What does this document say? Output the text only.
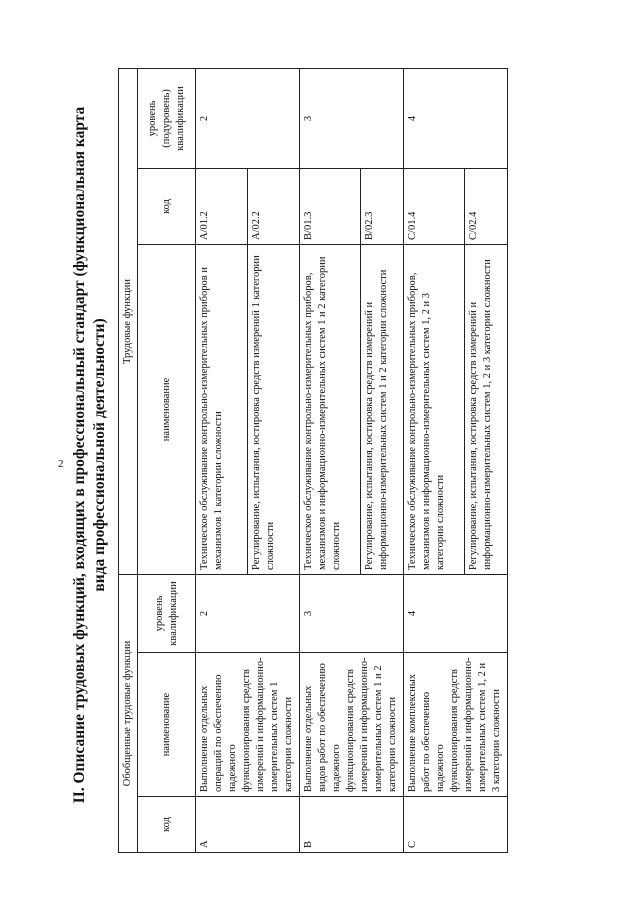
2 II. Описание трудовых функций, входящих в профессиональный стандарт (функциональная карта вида профессиональной деятельности)
Обобщенные трудовые функции			Трудовые функции		
код	наименование	уровень квалификации	наименование	код	уровень (подуровень) квалификации
A	Выполнение отдельных операций по обеспечению надежного функционирования средств измерений и информационно-измерительных систем 1 категории сложности	2	Техническое обслуживание контрольно-измерительных приборов и механизмов 1 категории сложности	A/01.2	2
			Регулирование, испытания, юстировка средств измерений 1 категории сложности	A/02.2	
B	Выполнение отдельных видов работ по обеспечению надежного функционирования средств измерений и информационно-измерительных систем 1 и 2 категории сложности	3	Техническое обслуживание контрольно-измерительных приборов, механизмов и информационно-измерительных систем 1 и 2 категории сложности	B/01.3	3
			Регулирование, испытания, юстировка средств измерений и информационно-измерительных систем 1 и 2 категории сложности	B/02.3	
C	Выполнение комплексных работ по обеспечению надежного функционирования средств измерений и информационно-измерительных систем 1, 2 и 3 категории сложности	4	Техническое обслуживание контрольно-измерительных приборов, механизмов и информационно-измерительных систем 1, 2 и 3 категории сложности	C/01.4	4
			Регулирование, испытания, юстировка средств измерений и информационно-измерительных систем 1, 2 и 3 категории сложности	C/02.4	
